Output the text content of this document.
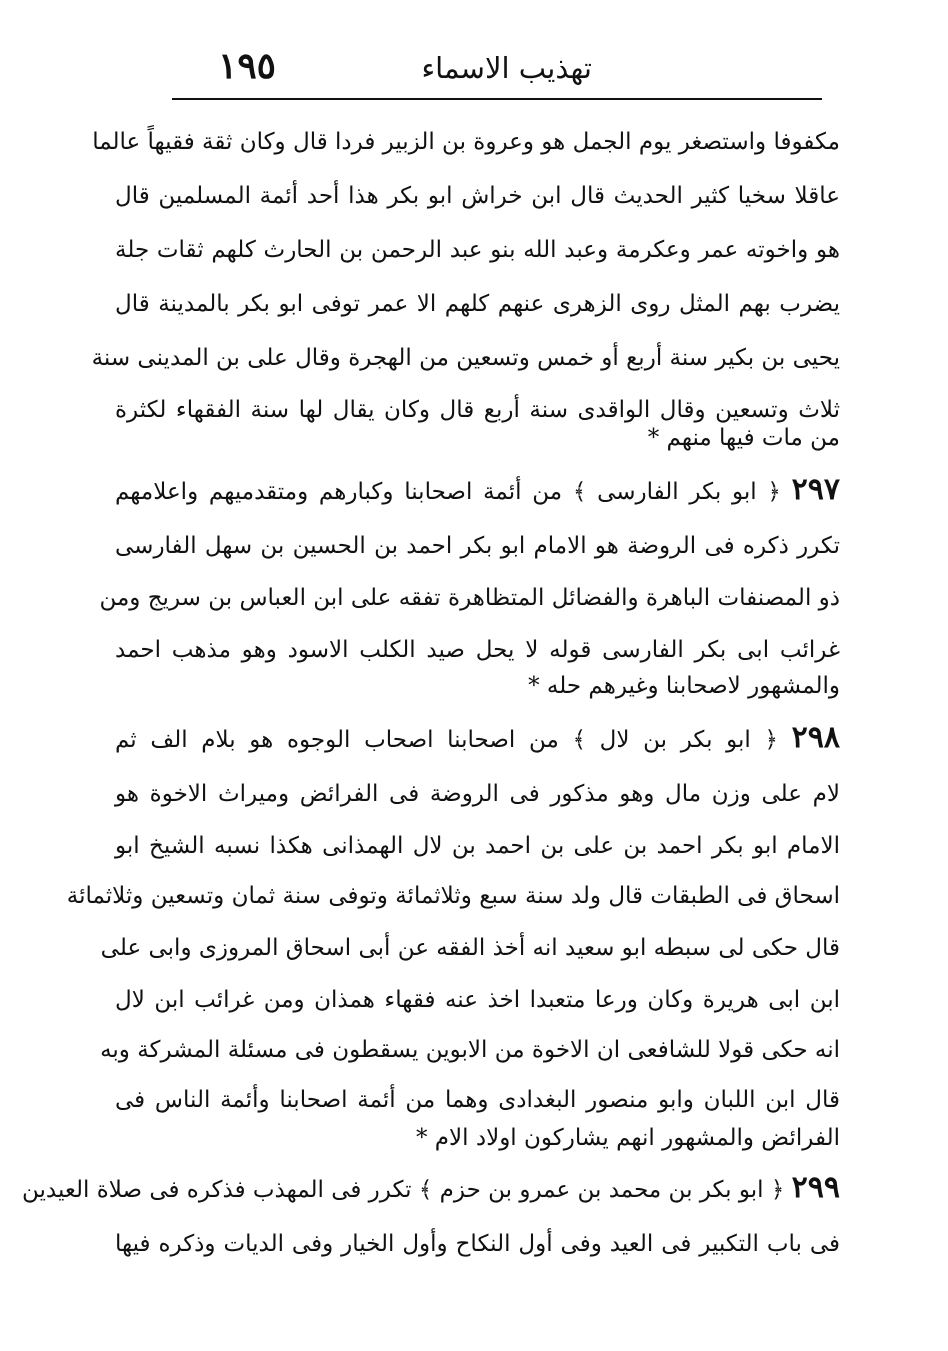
تهذيب الاسماء
١٩٥
مكفوفا واستصغر يوم الجمل هو وعروة بن الزبير فردا قال وكان ثقة فقيهاً عالما
عاقلا سخيا كثير الحديث قال ابن خراش ابو بكر هذا أحد أئمة المسلمين قال
هو واخوته عمر وعكرمة وعبد الله بنو عبد الرحمن بن الحارث كلهم ثقات جلة
يضرب بهم المثل روى الزهرى عنهم كلهم الا عمر توفى ابو بكر بالمدينة قال
يحيى بن بكير سنة أربع أو خمس وتسعين من الهجرة وقال على بن المدينى سنة
ثلاث وتسعين وقال الواقدى سنة أربع قال وكان يقال لها سنة الفقهاء لكثرة
من مات فيها منهم *
٢٩٧ ﴿ ابو بكر الفارسى ﴾ من أئمة اصحابنا وكبارهم ومتقدميهم واعلامهم
تكرر ذكره فى الروضة هو الامام ابو بكر احمد بن الحسين بن سهل الفارسى
ذو المصنفات الباهرة والفضائل المتظاهرة تفقه على ابن العباس بن سريج ومن
غرائب ابى بكر الفارسى قوله لا يحل صيد الكلب الاسود وهو مذهب احمد
والمشهور لاصحابنا وغيرهم حله *
٢٩٨ ﴿ ابو بكر بن لال ﴾ من اصحابنا اصحاب الوجوه هو بلام الف ثم
لام على وزن مال وهو مذكور فى الروضة فى الفرائض وميراث الاخوة هو
الامام ابو بكر احمد بن على بن احمد بن لال الهمذانى هكذا نسبه الشيخ ابو
اسحاق فى الطبقات قال ولد سنة سبع وثلاثمائة وتوفى سنة ثمان وتسعين وثلاثمائة
قال حكى لى سبطه ابو سعيد انه أخذ الفقه عن أبى اسحاق المروزى وابى على
ابن ابى هريرة وكان ورعا متعبدا اخذ عنه فقهاء همذان ومن غرائب ابن لال
انه حكى قولا للشافعى ان الاخوة من الابوين يسقطون فى مسئلة المشركة وبه
قال ابن اللبان وابو منصور البغدادى وهما من أئمة اصحابنا وأئمة الناس فى
الفرائض والمشهور انهم يشاركون اولاد الام *
٢٩٩ ﴿ ابو بكر بن محمد بن عمرو بن حزم ﴾ تكرر فى المهذب فذكره فى صلاة العيدين
فى باب التكبير فى العيد وفى أول النكاح وأول الخيار وفى الديات وذكره فيها
